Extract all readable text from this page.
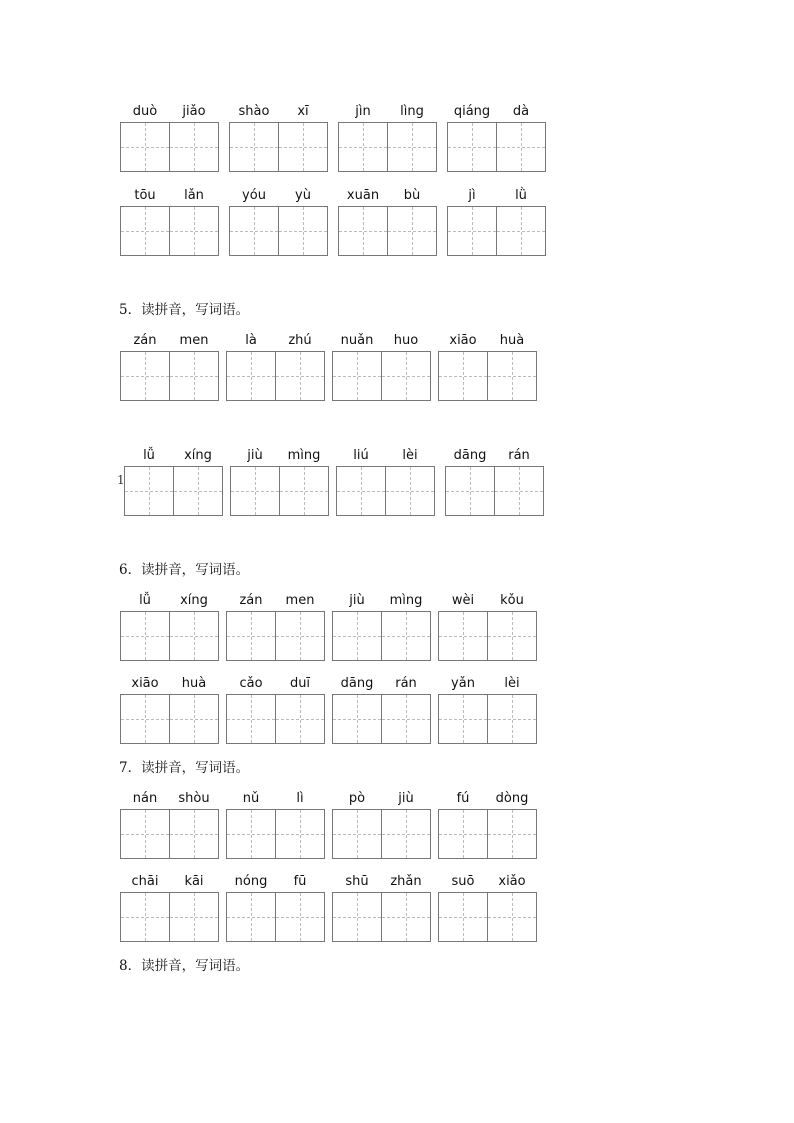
duò	jiǎo	shào	xī	jìn	lìng	qiáng	dà
tōu	lǎn	yóu	yù	xuān	bù	jì	lǜ
5．读拼音，写词语。
zán	men	là	zhú	nuǎn	huo	xiāo	huà
1
lǚ	xíng	jiù	mìng	liú	lèi	dāng	rán
6．读拼音，写词语。
lǚ	xíng	zán	men	jiù	mìng	wèi	kǒu
xiāo	huà	cǎo	duī	dāng	rán	yǎn	lèi
7．读拼音，写词语。
nán	shòu	nǔ	lì	pò	jiù	fú	dòng
chāi	kāi	nóng	fū	shū	zhǎn	suō	xiǎo
8．读拼音，写词语。
